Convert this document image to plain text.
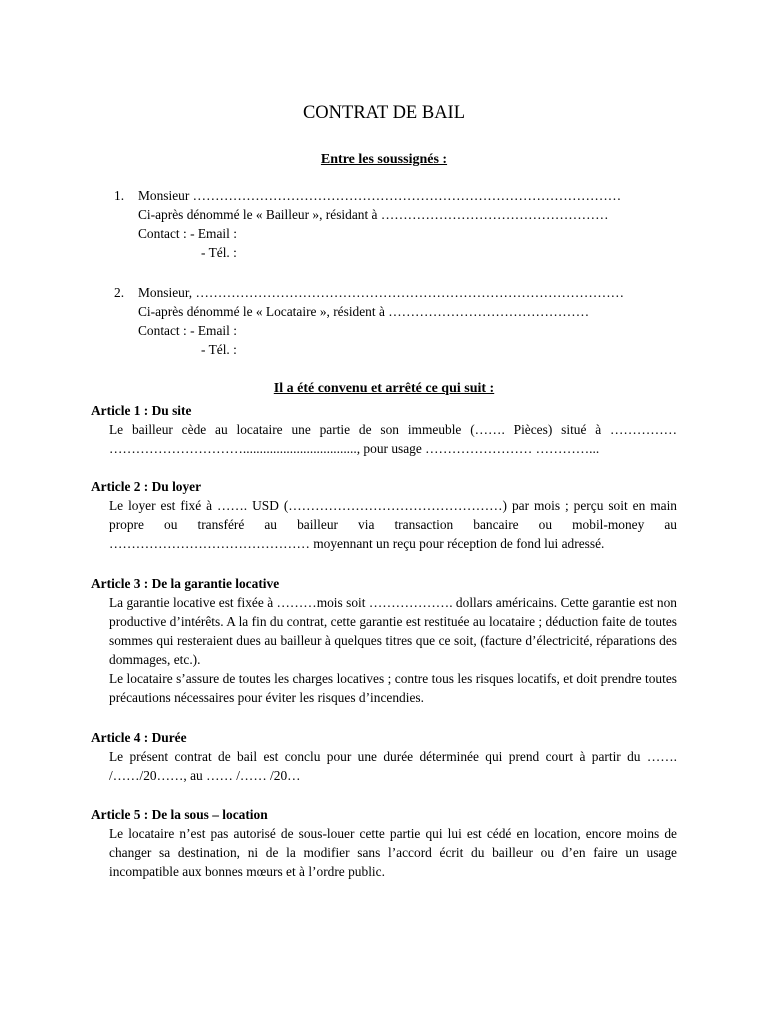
CONTRAT DE BAIL
Entre les soussignés :
1.	Monsieur ……………………………………………………………………………………
Ci-après dénommé le « Bailleur », résidant à ……………………………………………
Contact : - Email :
- Tél. :
2.	Monsieur, ……………………………………………………………………………………
Ci-après dénommé le « Locataire », résident à ………………………………………
Contact : - Email :
- Tél. :
Il a été convenu et arrêté ce qui suit :
Article 1 : Du site

Le bailleur cède au locataire une partie de son immeuble (……. Pièces) situé à …………… ………………………….................................., pour usage …………………… …………...

Article 2 : Du loyer

Le loyer est fixé à ……. USD (…………………………………………) par mois ; perçu soit en main propre ou transféré au bailleur via transaction bancaire ou mobil-money au ……………………………………… moyennant un reçu pour réception de fond lui adressé.

Article 3 : De la garantie locative

La garantie locative est fixée à ………mois soit ………………. dollars américains. Cette garantie est non productive d’intérêts. A la fin du contrat, cette garantie est restituée au locataire ; déduction faite de toutes sommes qui resteraient dues au bailleur à quelques titres que ce soit, (facture d’électricité, réparations des dommages, etc.).

Le locataire s’assure de toutes les charges locatives ; contre tous les risques locatifs, et doit prendre toutes précautions nécessaires pour éviter les risques d’incendies.

Article 4 : Durée

Le présent contrat de bail est conclu pour une durée déterminée qui prend court à partir du ……. /……/20……, au …… /…… /20…

Article 5 : De la sous – location

Le locataire n’est pas autorisé de sous-louer cette partie qui lui est cédé en location, encore moins de changer sa destination, ni de la modifier sans l’accord écrit du bailleur ou d’en faire un usage incompatible aux bonnes mœurs et à l’ordre public.
